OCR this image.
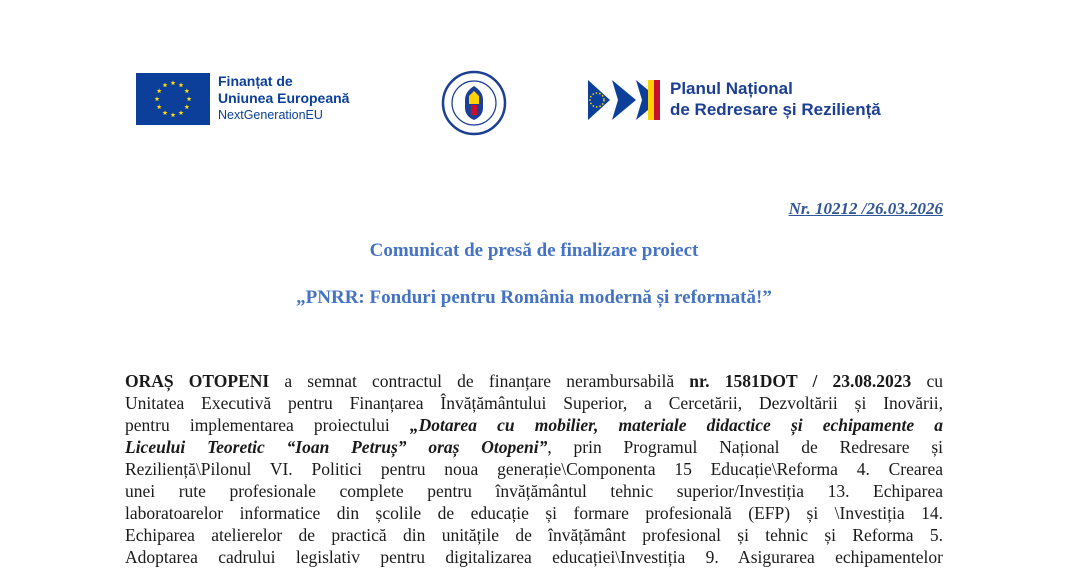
Finanțat de
Uniunea Europeană
NextGenerationEU
Planul Național
de Redresare și Reziliență
Nr. 10212 /26.03.2026
Comunicat de presă de finalizare proiect
„PNRR: Fonduri pentru România modernă și reformată!”
ORAȘ OTOPENI a semnat contractul de finanțare nerambursabilă nr. 1581DOT / 23.08.2023 cu
Unitatea Executivă pentru Finanțarea Învățământului Superior, a Cercetării, Dezvoltării și Inovării,
pentru implementarea proiectului „Dotarea cu mobilier, materiale didactice și echipamente a
Liceului Teoretic “Ioan Petruș” oraș Otopeni”, prin Programul Național de Redresare și
Reziliență\Pilonul VI. Politici pentru noua generație\Componenta 15 Educație\Reforma 4. Crearea
unei rute profesionale complete pentru învățământul tehnic superior/Investiția 13. Echiparea
laboratoarelor informatice din școlile de educație și formare profesională (EFP) și \Investiția 14.
Echiparea atelierelor de practică din unitățile de învățământ profesional și tehnic și Reforma 5.
Adoptarea cadrului legislativ pentru digitalizarea educației\Investiția 9. Asigurarea echipamentelor
